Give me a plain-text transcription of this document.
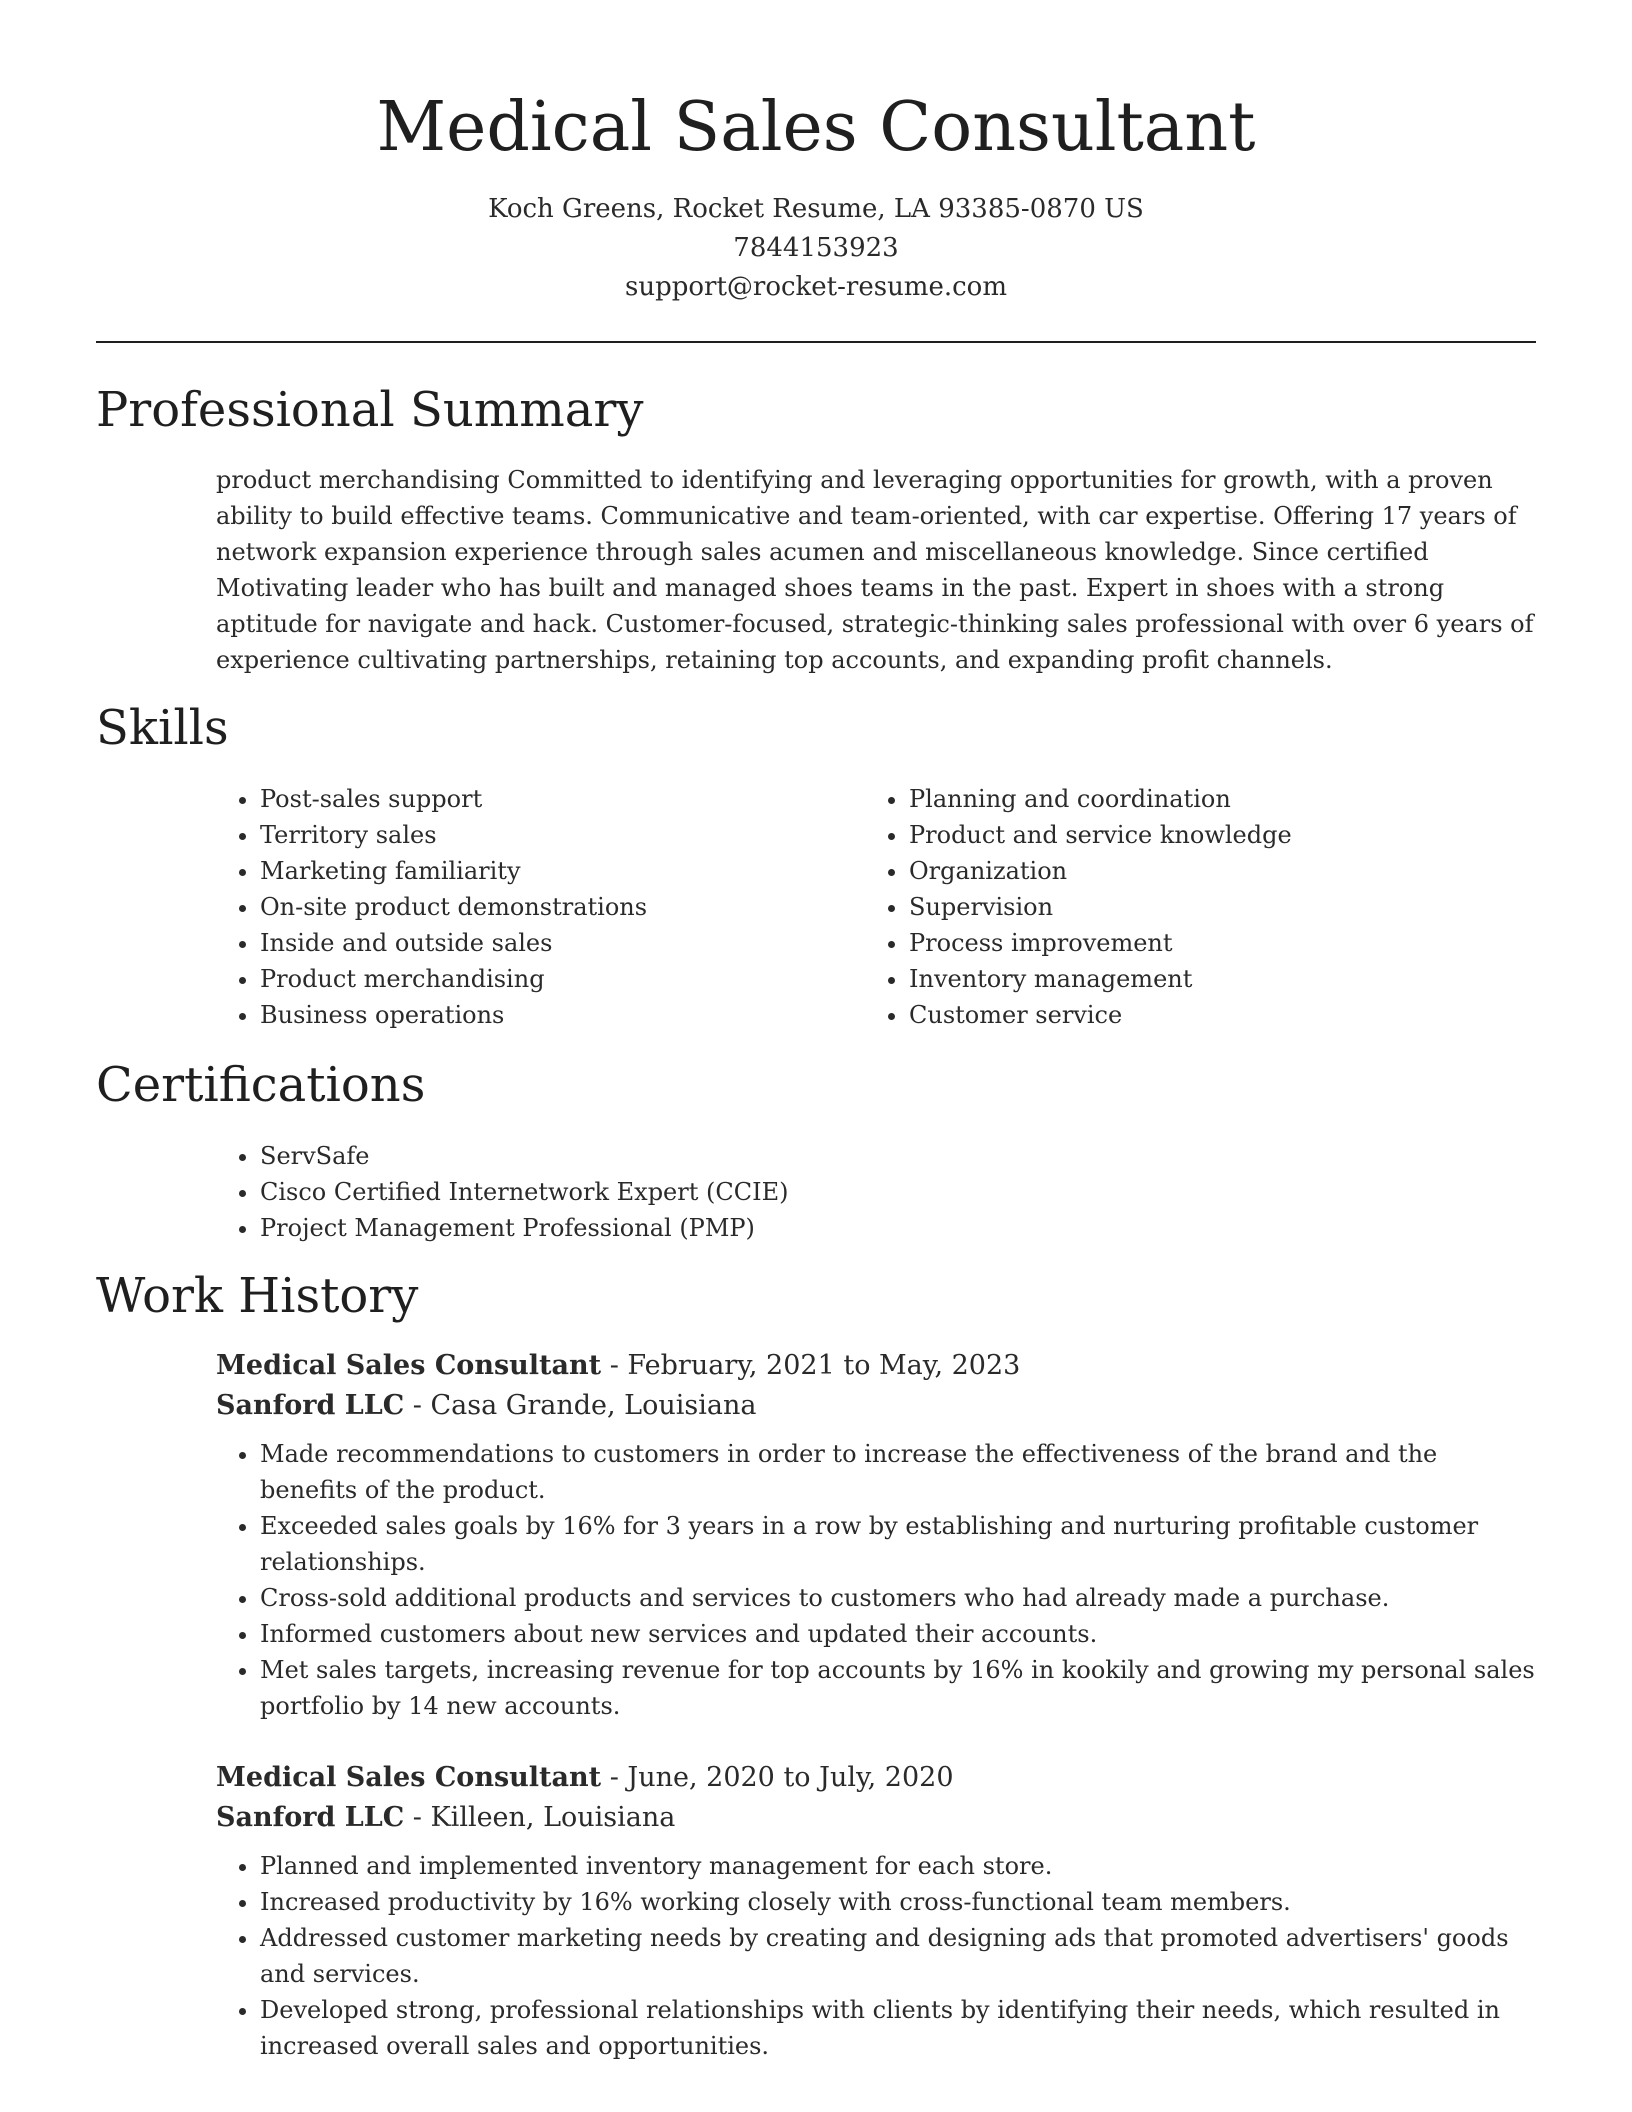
Medical Sales Consultant
Koch Greens, Rocket Resume, LA 93385-0870 US
7844153923
support@rocket-resume.com
Professional Summary

product merchandising Committed to identifying and leveraging opportunities for growth, with a proven ability to build effective teams. Communicative and team-oriented, with car expertise. Offering 17 years of network expansion experience through sales acumen and miscellaneous knowledge. Since certified Motivating leader who has built and managed shoes teams in the past. Expert in shoes with a strong aptitude for navigate and hack. Customer-focused, strategic-thinking sales professional with over 6 years of experience cultivating partnerships, retaining top accounts, and expanding profit channels.

Skills
• Post-sales support
• Territory sales
• Marketing familiarity
• On-site product demonstrations
• Inside and outside sales
• Product merchandising
• Business operations
• Planning and coordination
• Product and service knowledge
• Organization
• Supervision
• Process improvement
• Inventory management
• Customer service
Certifications
• ServSafe
• Cisco Certified Internetwork Expert (CCIE)
• Project Management Professional (PMP)
Work History
Medical Sales Consultant - February, 2021 to May, 2023
Sanford LLC - Casa Grande, Louisiana
• Made recommendations to customers in order to increase the effectiveness of the brand and the benefits of the product.
• Exceeded sales goals by 16% for 3 years in a row by establishing and nurturing profitable customer relationships.
• Cross-sold additional products and services to customers who had already made a purchase.
• Informed customers about new services and updated their accounts.
• Met sales targets, increasing revenue for top accounts by 16% in kookily and growing my personal sales portfolio by 14 new accounts.
Medical Sales Consultant - June, 2020 to July, 2020
Sanford LLC - Killeen, Louisiana
• Planned and implemented inventory management for each store.
• Increased productivity by 16% working closely with cross-functional team members.
• Addressed customer marketing needs by creating and designing ads that promoted advertisers' goods and services.
• Developed strong, professional relationships with clients by identifying their needs, which resulted in increased overall sales and opportunities.
